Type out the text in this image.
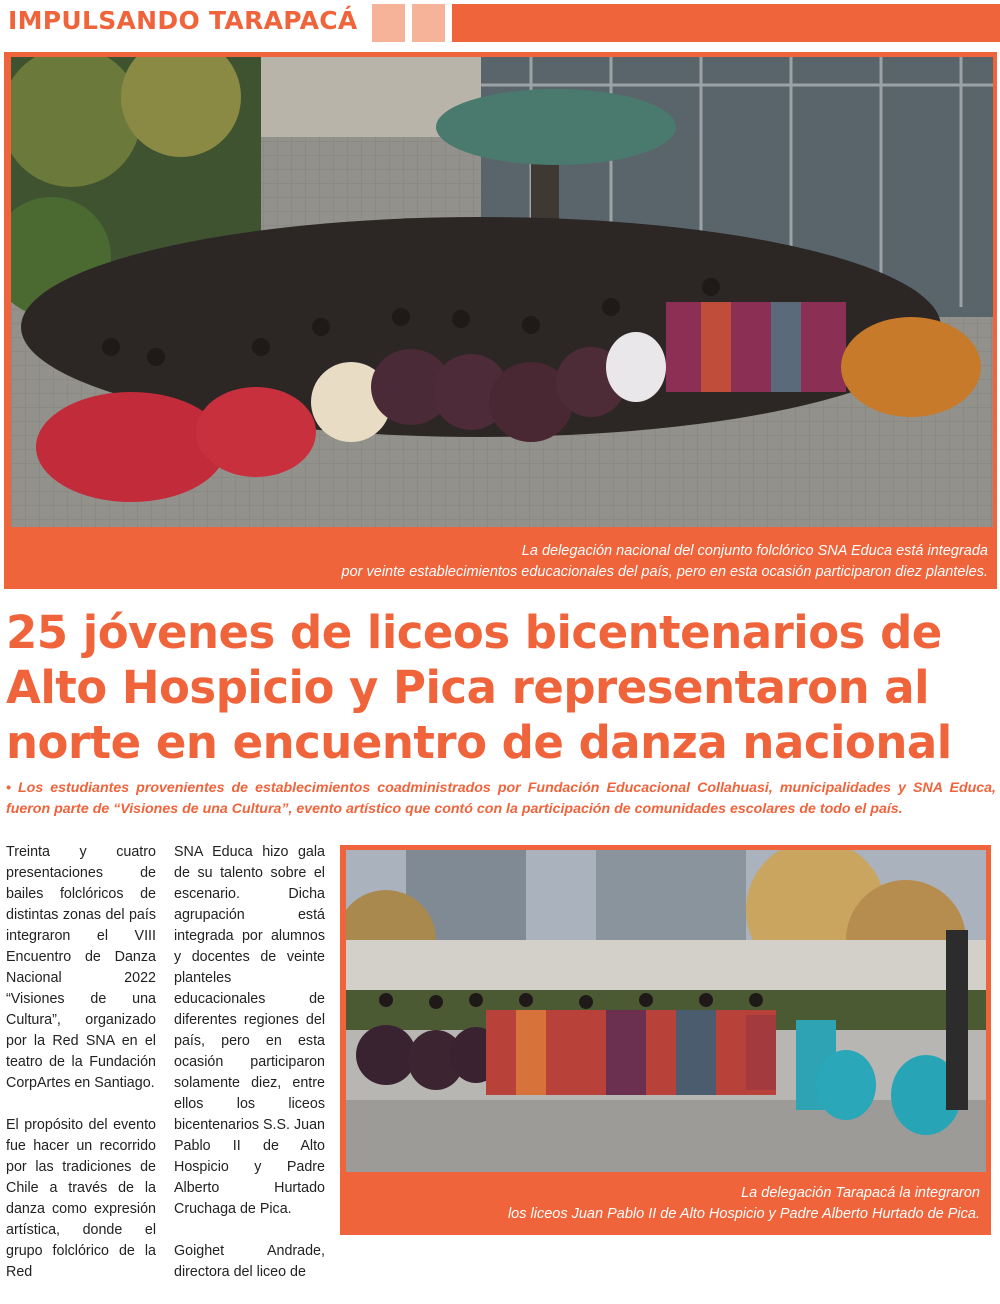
IMPULSANDO TARAPACÁ

La delegación nacional del conjunto folclórico SNA Educa está integrada
por veinte establecimientos educacionales del país, pero en esta ocasión participaron diez planteles.

25 jóvenes de liceos bicentenarios de Alto Hospicio y Pica representaron al norte en encuentro de danza nacional

• Los estudiantes provenientes de establecimientos coadministrados por Fundación Educacional Collahuasi, municipalidades y SNA Educa, fueron parte de “Visiones de una Cultura”, evento artístico que contó con la participación de comunidades escolares de todo el país.

Treinta y cuatro presentaciones de bailes folclóricos de distintas zonas del país integraron el VIII Encuentro de Danza Nacional 2022 “Visiones de una Cultura”, organizado por la Red SNA en el teatro de la Fundación CorpArtes en Santiago.

El propósito del evento fue hacer un recorrido por las tradiciones de Chile a través de la danza como expresión artística, donde el grupo folclórico de la Red

SNA Educa hizo gala de su talento sobre el escenario. Dicha agrupación está integrada por alumnos y docentes de veinte planteles educacionales de diferentes regiones del país, pero en esta ocasión participaron solamente diez, entre ellos los liceos bicentenarios S.S. Juan Pablo II de Alto Hospicio y Padre Alberto Hurtado Cruchaga de Pica.

Goighet Andrade, directora del liceo de

La delegación Tarapacá la integraron
los liceos Juan Pablo II de Alto Hospicio y Padre Alberto Hurtado de Pica.
